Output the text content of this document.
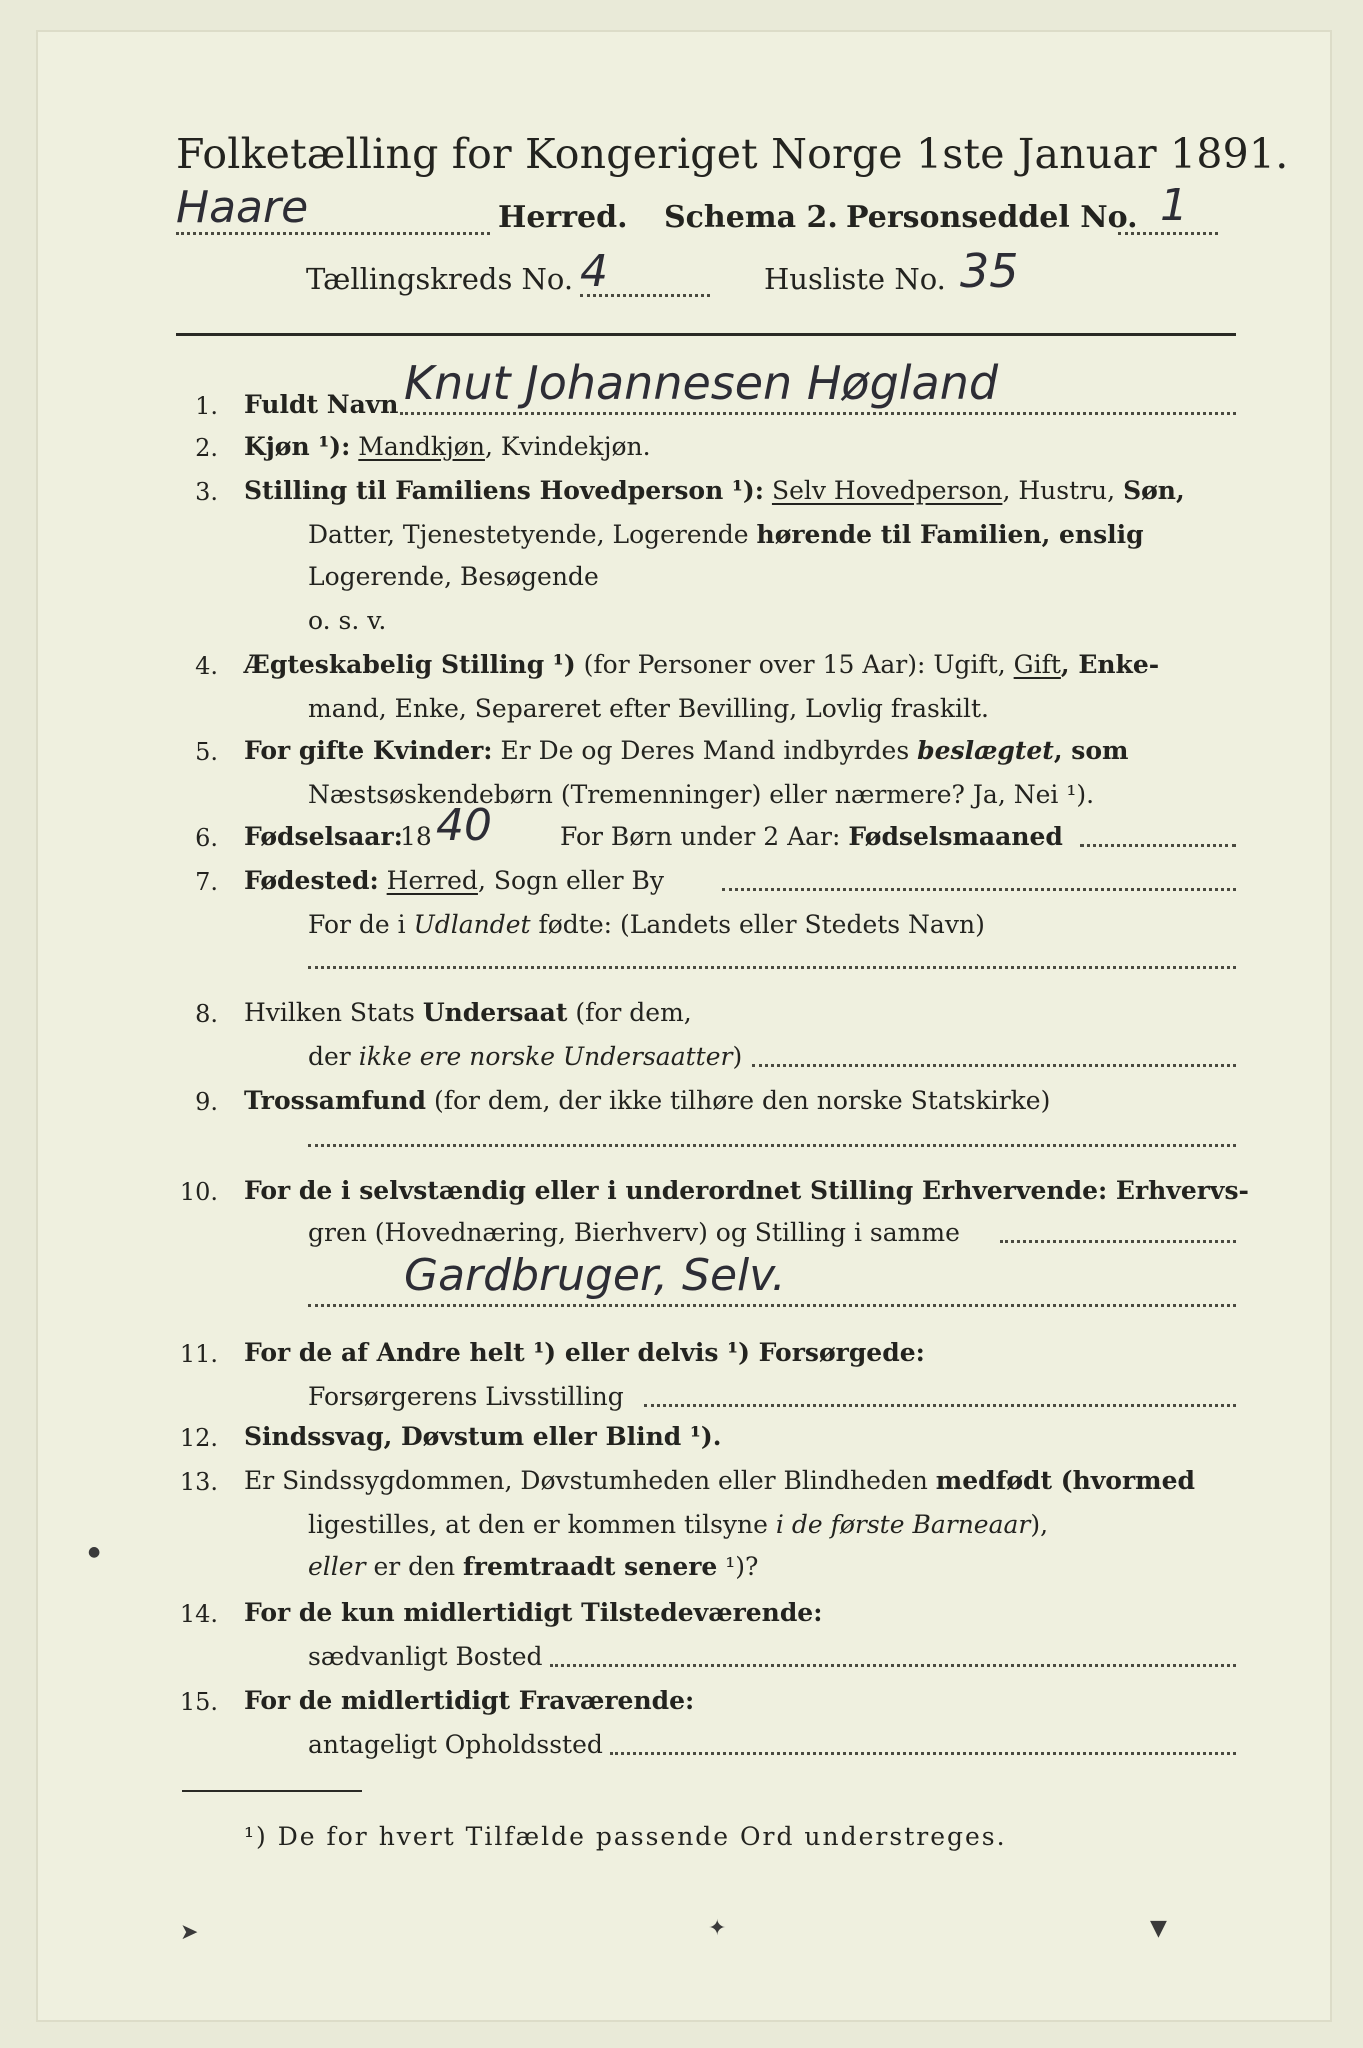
Folketælling for Kongeriget Norge 1ste Januar 1891.
Haare	Herred. Schema 2. Personseddel No. 1
Tællingskreds No. 4	Husliste No. 35
1. Fuldt Navn Knut Johannesen Høgland
2. Kjøn ¹): Mandkjøn, Kvindekjøn.
3. Stilling til Familiens Hovedperson ¹): Selv Hovedperson, Hustru, Søn,
Datter, Tjenestetyende, Logerende hørende til Familien, enslig
Logerende, Besøgende
o. s. v.
4. Ægteskabelig Stilling ¹) (for Personer over 15 Aar): Ugift, Gift, Enke-
mand, Enke, Separeret efter Bevilling, Lovlig fraskilt.
5. For gifte Kvinder: Er De og Deres Mand indbyrdes beslægtet, som
Næstsøskendebørn (Tremenninger) eller nærmere? Ja, Nei ¹).
6. Fødselsaar:
18 40	For Børn under 2 Aar: Fødselsmaaned
7. Fødested: Herred, Sogn eller By
For de i Udlandet fødte: (Landets eller Stedets Navn)
8. Hvilken Stats Undersaat (for dem,
der ikke ere norske Undersaatter)
9. Trossamfund (for dem, der ikke tilhøre den norske Statskirke)
10. For de i selvstændig eller i underordnet Stilling Erhvervende: Erhvervs-
gren (Hovednæring, Bierhverv) og Stilling i samme
Gardbruger, Selv.
11. For de af Andre helt ¹) eller delvis ¹) Forsørgede:
Forsørgerens Livsstilling
12. Sindssvag, Døvstum eller Blind ¹).
13. Er Sindssygdommen, Døvstumheden eller Blindheden medfødt (hvormed
ligestilles, at den er kommen tilsyne i de første Barneaar),
eller er den fremtraadt senere ¹)?
14. For de kun midlertidigt Tilstedeværende:
sædvanligt Bosted
15. For de midlertidigt Fraværende:
antageligt Opholdssted
¹) De for hvert Tilfælde passende Ord understreges.
➤	✦	▼
●
